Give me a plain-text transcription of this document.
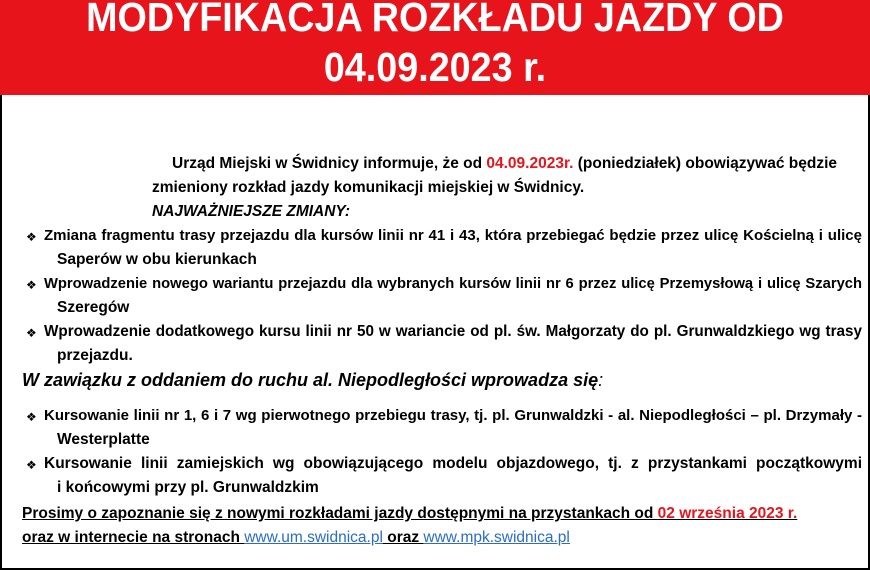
MODYFIKACJA ROZKŁADU JAZDY OD
04.09.2023 r.
Urząd Miejski w Świdnicy informuje, że od 04.09.2023r. (poniedziałek) obowiązywać będzie
zmieniony rozkład jazdy komunikacji miejskiej w Świdnicy.
NAJWAŻNIEJSZE ZMIANY:
❖ Zmiana fragmentu trasy przejazdu dla kursów linii nr 41 i 43, która przebiegać będzie przez ulicę Kościelną i ulicę
Saperów w obu kierunkach
❖ Wprowadzenie nowego wariantu przejazdu dla wybranych kursów linii nr 6 przez ulicę Przemysłową i ulicę Szarych
Szeregów
❖ Wprowadzenie dodatkowego kursu linii nr 50 w wariancie od pl. św. Małgorzaty do pl. Grunwaldzkiego wg trasy
przejazdu.
W zawiązku z oddaniem do ruchu al. Niepodległości wprowadza się:
❖ Kursowanie linii nr 1, 6 i 7 wg pierwotnego przebiegu trasy, tj. pl. Grunwaldzki - al. Niepodległości – pl. Drzymały -
Westerplatte
❖ Kursowanie linii zamiejskich wg obowiązującego modelu objazdowego, tj. z przystankami początkowymi
i końcowymi przy pl. Grunwaldzkim
Prosimy o zapoznanie się z nowymi rozkładami jazdy dostępnymi na przystankach od 02 września 2023 r.
oraz w internecie na stronach www.um.swidnica.pl oraz www.mpk.swidnica.pl
